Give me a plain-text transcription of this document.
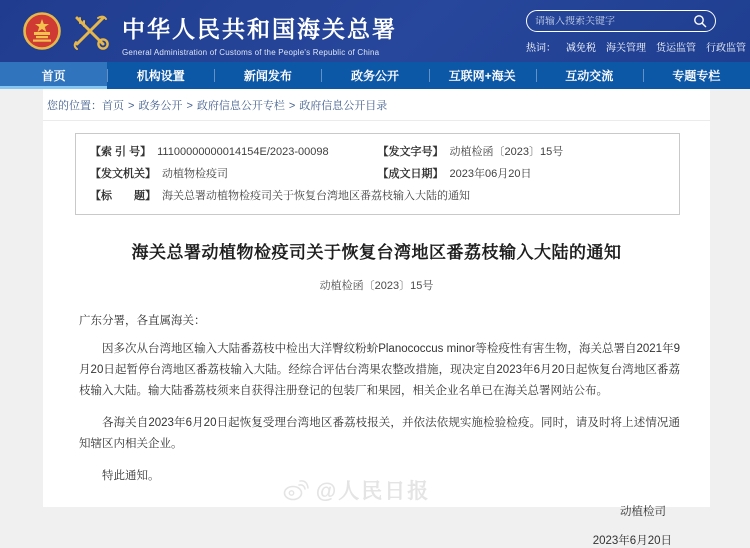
中华人民共和国海关总署
General Administration of Customs of the People's Republic of China
请输入搜索关键字	热词： 减免税 海关管理 货运监管 行政监管
首页	机构设置	新闻发布	政务公开	互联网+海关	互动交流	专题专栏
您的位置：首页 > 政务公开 > 政府信息公开专栏 > 政府信息公开目录
【索 引 号】 11100000000014154E/2023-00098	【发文字号】 动植检函〔2023〕15号
【发文机关】 动植物检疫司	【成文日期】 2023年06月20日
【标　　题】 海关总署动植物检疫司关于恢复台湾地区番荔枝输入大陆的通知
海关总署动植物检疫司关于恢复台湾地区番荔枝输入大陆的通知
动植检函〔2023〕15号
广东分署，各直属海关：
因多次从台湾地区输入大陆番荔枝中检出大洋臀纹粉蚧Planococcus minor等检疫性有害生物，海关总署自2021年9月20日起暂停台湾地区番荔枝输入大陆。经综合评估台湾果农整改措施，现决定自2023年6月20日起恢复台湾地区番荔枝输入大陆。输大陆番荔枝须来自获得注册登记的包装厂和果园，相关企业名单已在海关总署网站公布。
各海关自2023年6月20日起恢复受理台湾地区番荔枝报关，并依法依规实施检验检疫。同时，请及时将上述情况通知辖区内相关企业。
特此通知。
动植检司
2023年6月20日
@人民日报
